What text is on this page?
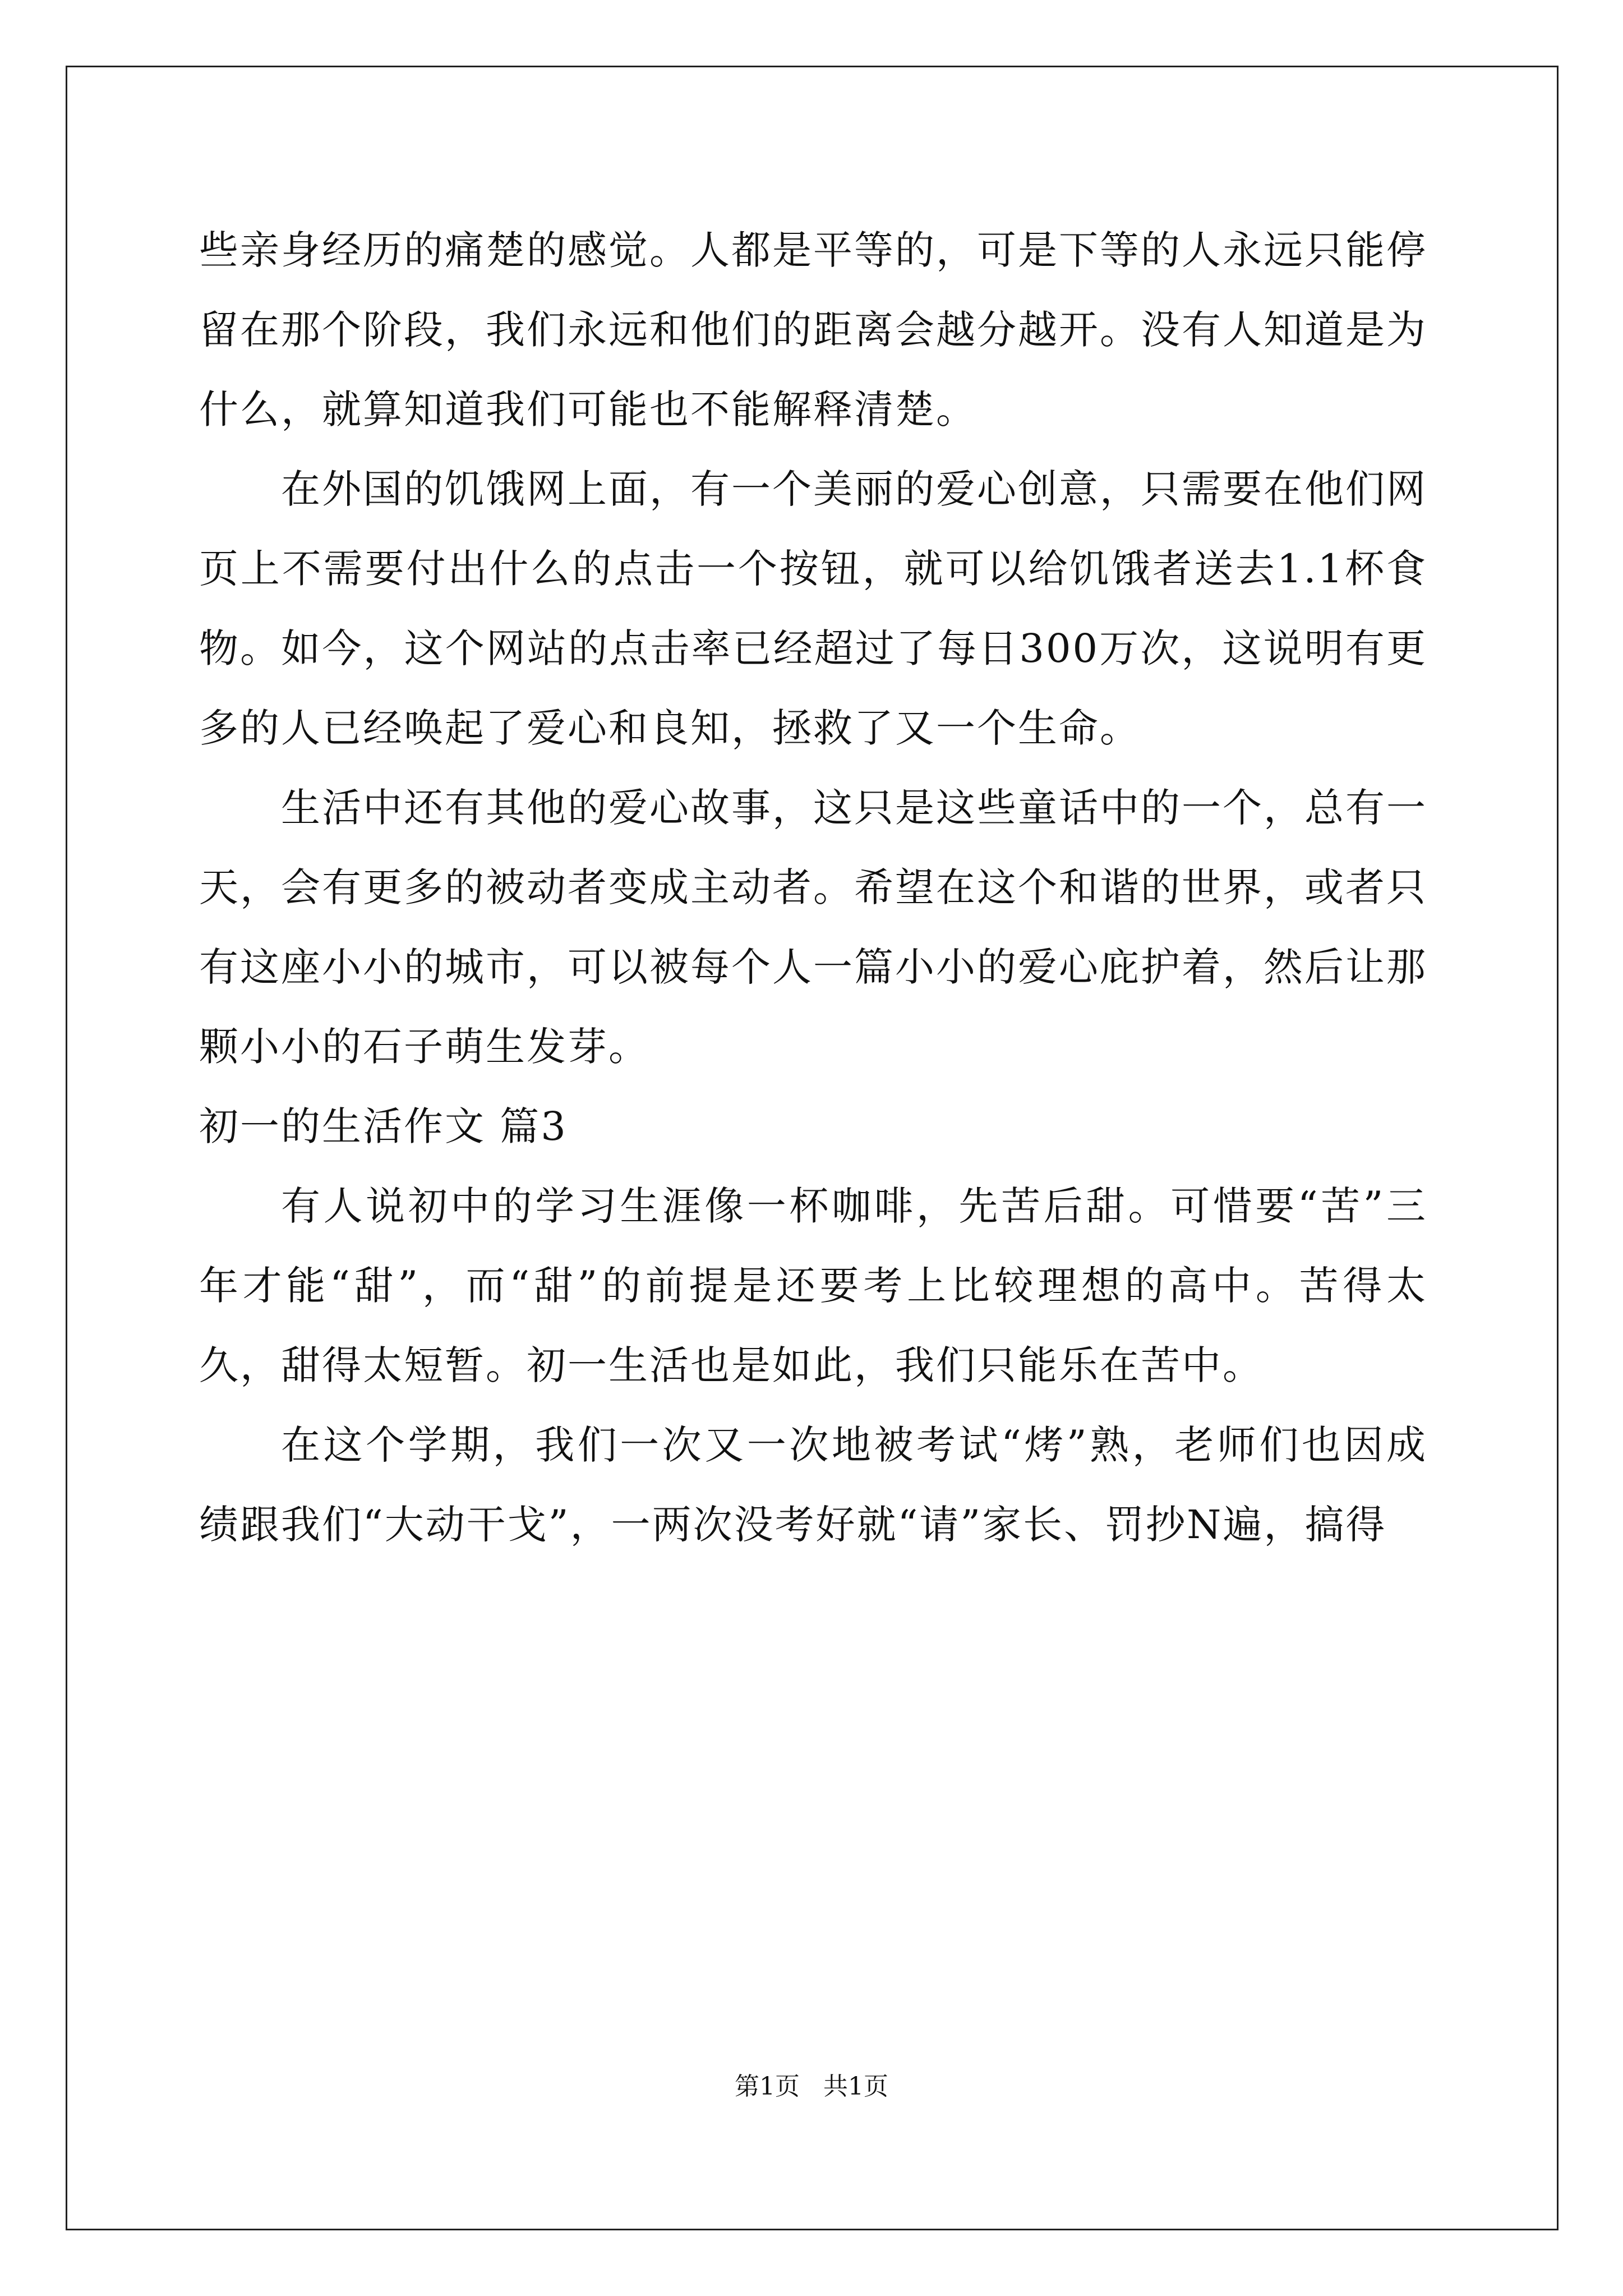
些亲身经历的痛楚的感觉。人都是平等的，可是下等的人永远只能停留在那个阶段，我们永远和他们的距离会越分越开。没有人知道是为什么，就算知道我们可能也不能解释清楚。

在外国的饥饿网上面，有一个美丽的爱心创意，只需要在他们网页上不需要付出什么的点击一个按钮，就可以给饥饿者送去1.1杯食物。如今，这个网站的点击率已经超过了每日300万次，这说明有更多的人已经唤起了爱心和良知，拯救了又一个生命。

生活中还有其他的爱心故事，这只是这些童话中的一个，总有一天，会有更多的被动者变成主动者。希望在这个和谐的世界，或者只有这座小小的城市，可以被每个人一篇小小的爱心庇护着，然后让那颗小小的石子萌生发芽。

初一的生活作文 篇3

有人说初中的学习生涯像一杯咖啡，先苦后甜。可惜要“苦”三年才能“甜”，而“甜”的前提是还要考上比较理想的高中。苦得太久，甜得太短暂。初一生活也是如此，我们只能乐在苦中。

在这个学期，我们一次又一次地被考试“烤”熟，老师们也因成绩跟我们“大动干戈”，一两次没考好就“请”家长、罚抄N遍，搞得

第1页   共1页
